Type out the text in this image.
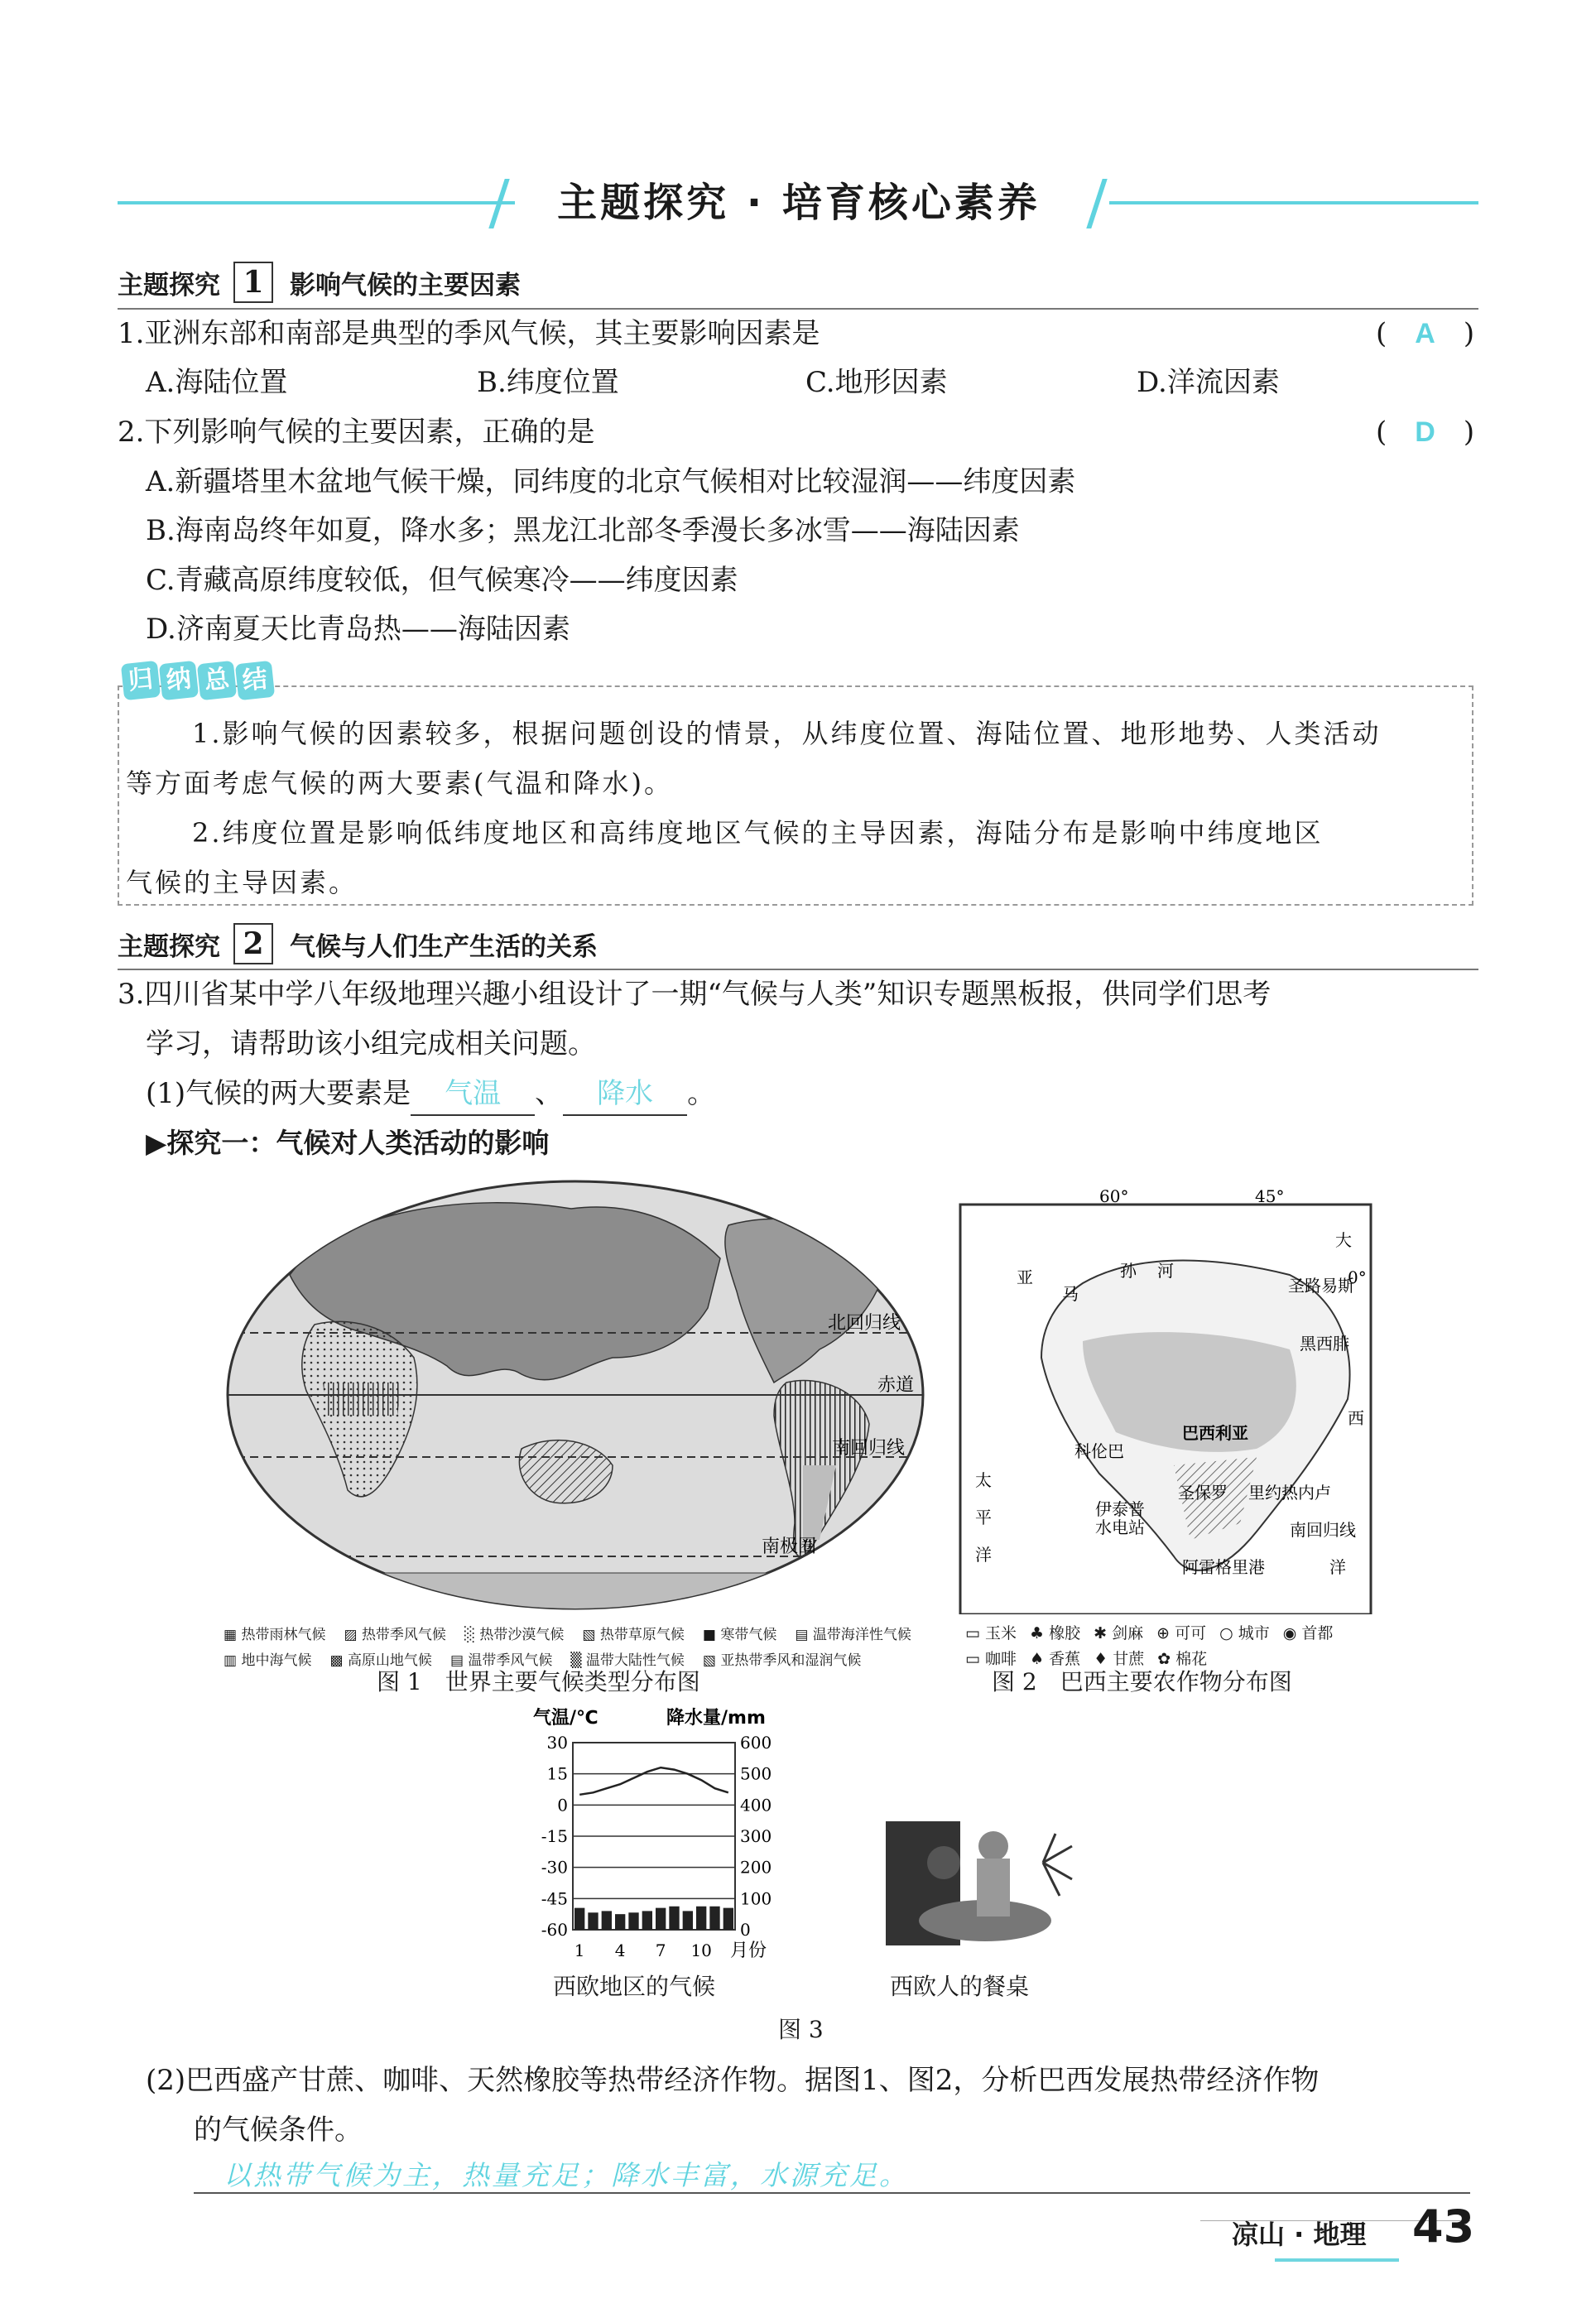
主题探究 · 培育核心素养
主题探究 1	影响气候的主要因素
1.亚洲东部和南部是典型的季风气候，其主要影响因素是	(　A　)
A.海陆位置	B.纬度位置	C.地形因素	D.洋流因素
2.下列影响气候的主要因素，正确的是	(　D　)
A.新疆塔里木盆地气候干燥，同纬度的北京气候相对比较湿润——纬度因素
B.海南岛终年如夏，降水多；黑龙江北部冬季漫长多冰雪——海陆因素
C.青藏高原纬度较低，但气候寒冷——纬度因素
D.济南夏天比青岛热——海陆因素
归 纳 总 结
1.影响气候的因素较多，根据问题创设的情景，从纬度位置、海陆位置、地形地势、人类活动
等方面考虑气候的两大要素(气温和降水)。
2.纬度位置是影响低纬度地区和高纬度地区气候的主导因素，海陆分布是影响中纬度地区
气候的主导因素。
主题探究 2	气候与人们生产生活的关系
3.四川省某中学八年级地理兴趣小组设计了一期“气候与人类”知识专题黑板报，供同学们思考
学习，请帮助该小组完成相关问题。
(1)气候的两大要素是 气温 、 降水 。
▶探究一：气候对人类活动的影响
北回归线
赤道
南回归线
南极圈
▦ 热带雨林气候 ▨ 热带季风气候 ░ 热带沙漠气候 ▧ 热带草原气候 ■ 寒带气候 ▤ 温带海洋性气候
▥ 地中海气候 ▩ 高原山地气候 ▤ 温带季风气候 ▒ 温带大陆性气候 ▧ 亚热带季风和湿润气候
图 1　世界主要气候类型分布图
60°	45°
大
0°
亚
马
孙 河
圣路易斯
黑西腓
西
巴西利亚
科伦巴
太
平
洋
圣保罗 里约热内卢
伊泰普
水电站	南回归线
阿雷格里港	洋
▭ 玉米 ♣ 橡胶 ✱ 剑麻 ⊕ 可可 ○ 城市 ◉ 首都
▭ 咖啡 ♠ 香蕉 ♦ 甘蔗 ✿ 棉花
图 2　巴西主要农作物分布图
气温/℃	降水量/mm
30
15
0
-15
-30
-45
-60
600
500
400
300
200
100
0
1 4 7 10 月份
西欧地区的气候	西欧人的餐桌
图 3
(2)巴西盛产甘蔗、咖啡、天然橡胶等热带经济作物。据图1、图2，分析巴西发展热带经济作物
的气候条件。
以热带气候为主，热量充足；降水丰富，水源充足。
凉山 · 地理 43
